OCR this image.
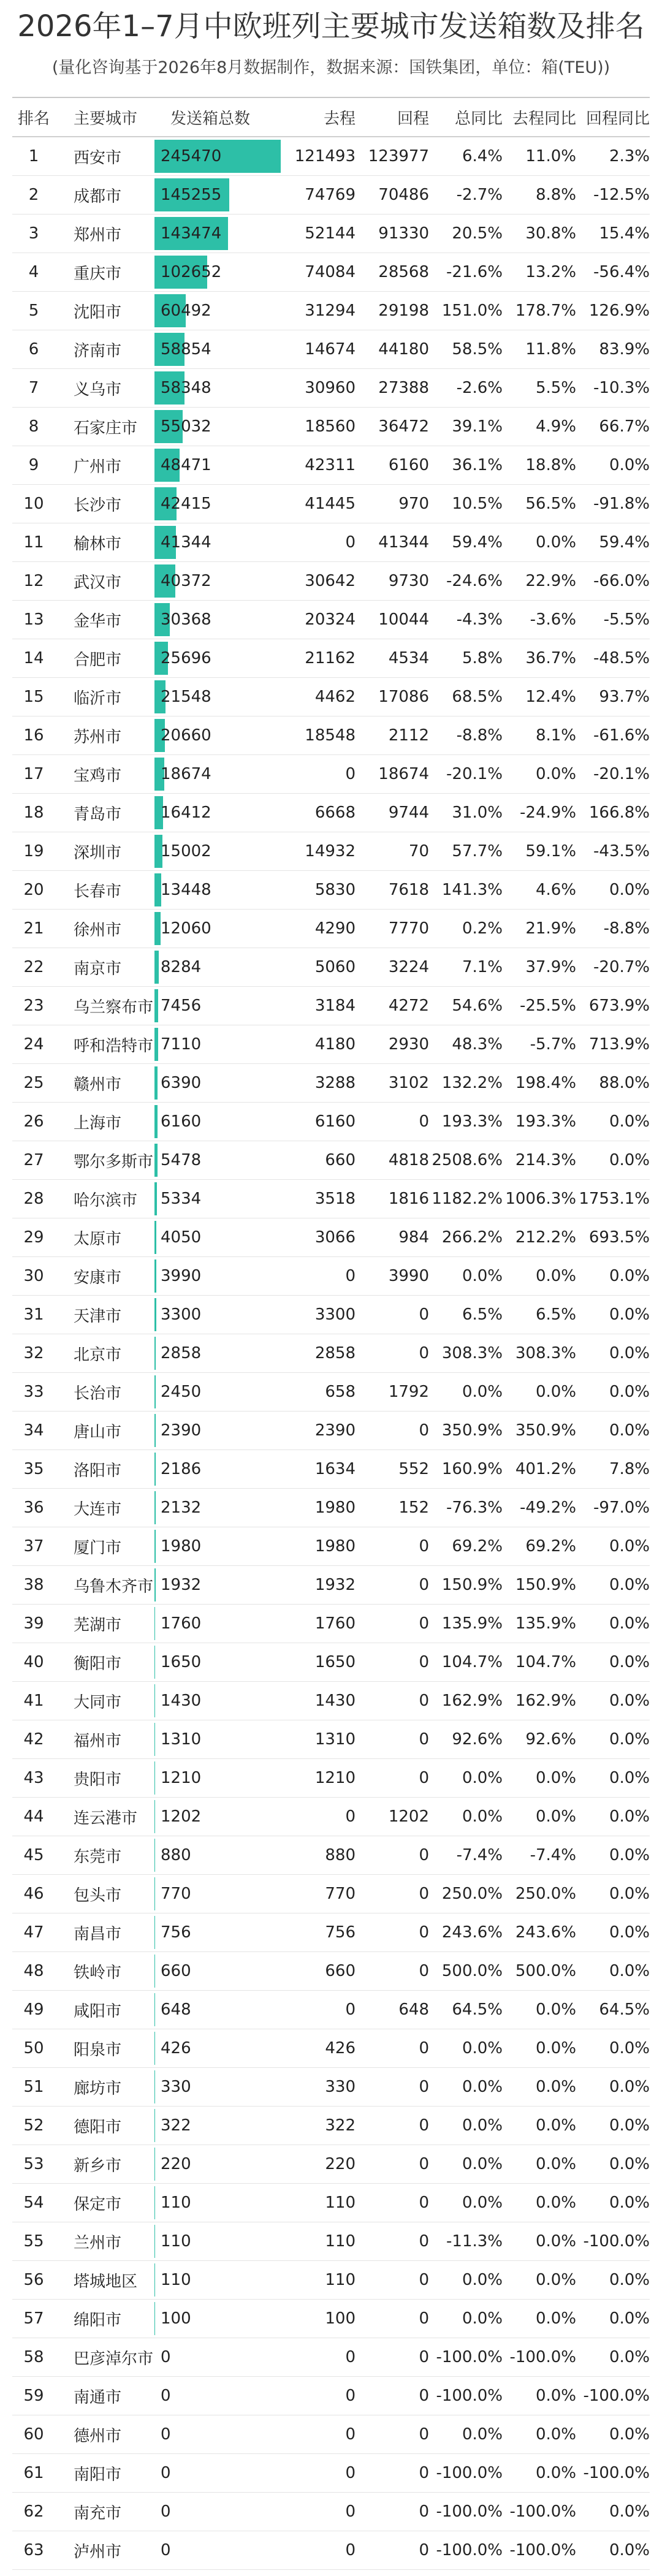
2026年1–7月中欧班列主要城市发送箱数及排名
(量化咨询基于2026年8月数据制作，数据来源：国铁集团，单位：箱(TEU))
排名	主要城市	发送箱总数	去程	回程	总同比 去程同比 回程同比
1	西安市	245470	121493 123977	6.4%	11.0%	2.3%
2	成都市	145255	74769	70486	-2.7%	8.8%	-12.5%
3	郑州市	143474	52144	91330	20.5%	30.8%	15.4%
4	重庆市	102652	74084	28568	-21.6%	13.2%	-56.4%
5	沈阳市	60492	31294	29198 151.0% 178.7% 126.9%
6	济南市	58854	14674	44180	58.5%	11.8%	83.9%
7	义乌市	58348	30960	27388	-2.6%	5.5%	-10.3%
8	石家庄市	55032	18560	36472	39.1%	4.9%	66.7%
9	广州市	48471	42311	6160	36.1%	18.8%	0.0%
10	长沙市	42415	41445	970	10.5%	56.5%	-91.8%
11	榆林市	41344	0	41344	59.4%	0.0%	59.4%
12	武汉市	40372	30642	9730	-24.6%	22.9%	-66.0%
13	金华市	30368	20324	10044	-4.3%	-3.6%	-5.5%
14	合肥市	25696	21162	4534	5.8%	36.7%	-48.5%
15	临沂市	21548	4462	17086	68.5%	12.4%	93.7%
16	苏州市	20660	18548	2112	-8.8%	8.1%	-61.6%
17	宝鸡市	18674	0	18674	-20.1%	0.0%	-20.1%
18	青岛市	16412	6668	9744	31.0%	-24.9% 166.8%
19	深圳市	15002	14932	70	57.7%	59.1%	-43.5%
20	长春市	13448	5830	7618 141.3%	4.6%	0.0%
21	徐州市	12060	4290	7770	0.2%	21.9%	-8.8%
22	南京市	8284	5060	3224	7.1%	37.9%	-20.7%
23	乌兰察布市 7456	3184	4272	54.6%	-25.5% 673.9%
24	呼和浩特市 7110	4180	2930	48.3%	-5.7% 713.9%
25	赣州市	6390	3288	3102 132.2% 198.4%	88.0%
26	上海市	6160	6160	0 193.3% 193.3%	0.0%
27	鄂尔多斯市 5478	660	4818 2508.6% 214.3%	0.0%
28	哈尔滨市	5334	3518	1816 1182.2% 1006.3% 1753.1%
29	太原市	4050	3066	984 266.2% 212.2% 693.5%
30	安康市	3990	0	3990	0.0%	0.0%	0.0%
31	天津市	3300	3300	0	6.5%	6.5%	0.0%
32	北京市	2858	2858	0 308.3% 308.3%	0.0%
33	长治市	2450	658	1792	0.0%	0.0%	0.0%
34	唐山市	2390	2390	0 350.9% 350.9%	0.0%
35	洛阳市	2186	1634	552 160.9% 401.2%	7.8%
36	大连市	2132	1980	152	-76.3%	-49.2%	-97.0%
37	厦门市	1980	1980	0	69.2%	69.2%	0.0%
38	乌鲁木齐市 1932	1932	0 150.9% 150.9%	0.0%
39	芜湖市	1760	1760	0 135.9% 135.9%	0.0%
40	衡阳市	1650	1650	0 104.7% 104.7%	0.0%
41	大同市	1430	1430	0 162.9% 162.9%	0.0%
42	福州市	1310	1310	0	92.6%	92.6%	0.0%
43	贵阳市	1210	1210	0	0.0%	0.0%	0.0%
44	连云港市	1202	0	1202	0.0%	0.0%	0.0%
45	东莞市	880	880	0	-7.4%	-7.4%	0.0%
46	包头市	770	770	0 250.0% 250.0%	0.0%
47	南昌市	756	756	0 243.6% 243.6%	0.0%
48	铁岭市	660	660	0 500.0% 500.0%	0.0%
49	咸阳市	648	0	648	64.5%	0.0%	64.5%
50	阳泉市	426	426	0	0.0%	0.0%	0.0%
51	廊坊市	330	330	0	0.0%	0.0%	0.0%
52	德阳市	322	322	0	0.0%	0.0%	0.0%
53	新乡市	220	220	0	0.0%	0.0%	0.0%
54	保定市	110	110	0	0.0%	0.0%	0.0%
55	兰州市	110	110	0	-11.3%	0.0% -100.0%
56	塔城地区	110	110	0	0.0%	0.0%	0.0%
57	绵阳市	100	100	0	0.0%	0.0%	0.0%
58	巴彦淖尔市 0	0	0 -100.0% -100.0%	0.0%
59	南通市	0	0	0 -100.0%	0.0% -100.0%
60	德州市	0	0	0	0.0%	0.0%	0.0%
61	南阳市	0	0	0 -100.0%	0.0% -100.0%
62	南充市	0	0	0 -100.0% -100.0%	0.0%
63	泸州市	0	0	0 -100.0% -100.0%	0.0%
